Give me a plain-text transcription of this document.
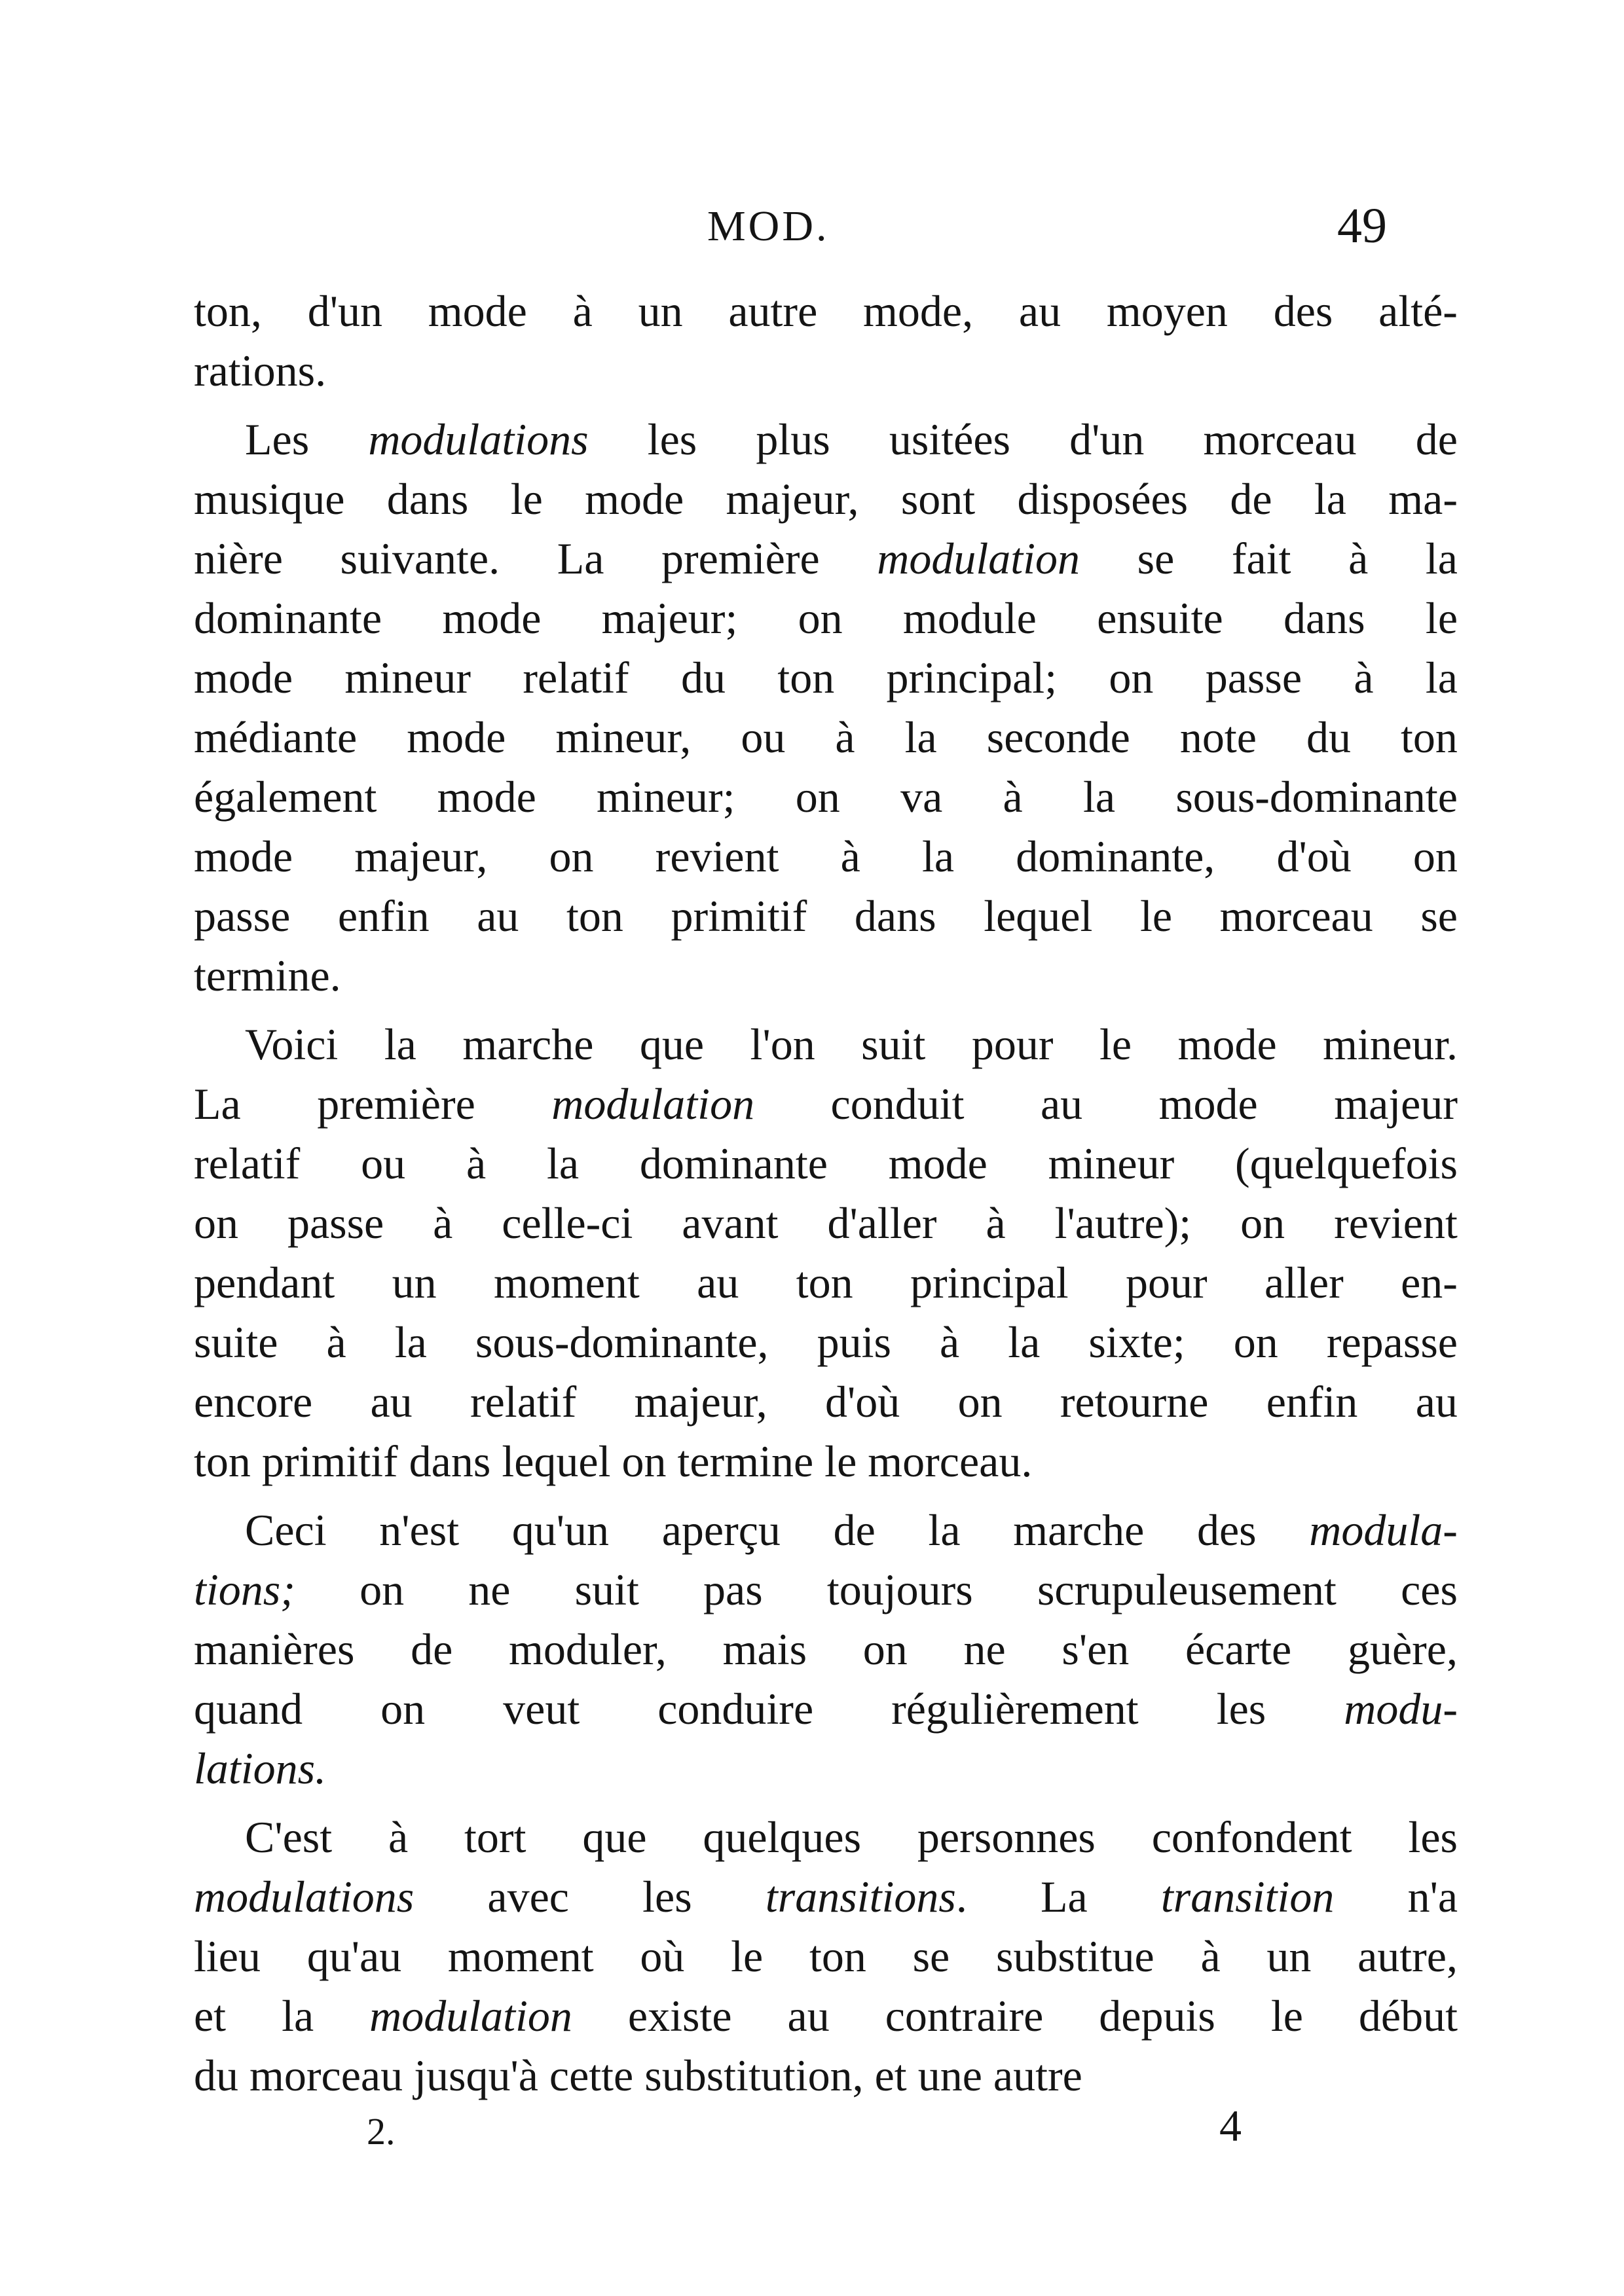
MOD.	49
ton, d'un mode à un autre mode, au moyen des alté-
rations.
Les modulations les plus usitées d'un morceau de
musique dans le mode majeur, sont disposées de la ma-
nière suivante. La première modulation se fait à la
dominante mode majeur; on module ensuite dans le
mode mineur relatif du ton principal; on passe à la
médiante mode mineur, ou à la seconde note du ton
également mode mineur; on va à la sous-dominante
mode majeur, on revient à la dominante, d'où on
passe enfin au ton primitif dans lequel le morceau se
termine.
Voici la marche que l'on suit pour le mode mineur.
La première modulation conduit au mode majeur
relatif ou à la dominante mode mineur (quelquefois
on passe à celle-ci avant d'aller à l'autre); on revient
pendant un moment au ton principal pour aller en-
suite à la sous-dominante, puis à la sixte; on repasse
encore au relatif majeur, d'où on retourne enfin au
ton primitif dans lequel on termine le morceau.
Ceci n'est qu'un aperçu de la marche des modula-
tions; on ne suit pas toujours scrupuleusement ces
manières de moduler, mais on ne s'en écarte guère,
quand on veut conduire régulièrement les modu-
lations.
C'est à tort que quelques personnes confondent les
modulations avec les transitions. La transition n'a
lieu qu'au moment où le ton se substitue à un autre,
et la modulation existe au contraire depuis le début
du morceau jusqu'à cette substitution, et une autre
2.	4
